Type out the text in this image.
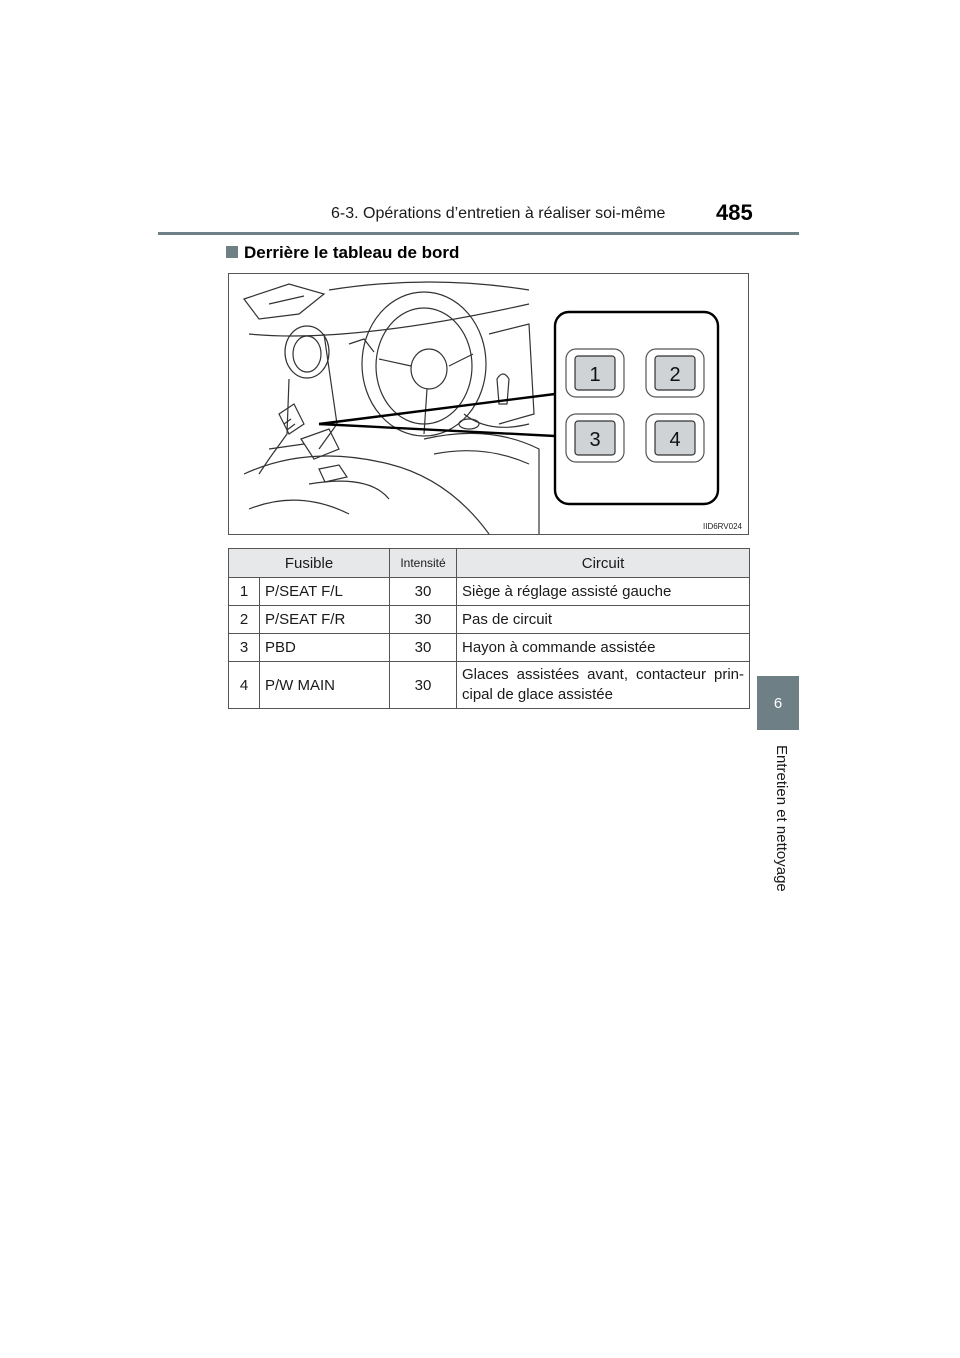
6-3. Opérations d’entretien à réaliser soi-même 485
6
Entretien et nettoyage
Derrière le tableau de bord
1	2
3	4
IID6RV024
Fusible		Intensité	Circuit
1	P/SEAT F/L	30	Siège à réglage assisté gauche
2	P/SEAT F/R	30	Pas de circuit
3	PBD	30	Hayon à commande assistée
4	P/W MAIN	30	Glaces assistées avant, contacteur prin-cipal de glace assistée
